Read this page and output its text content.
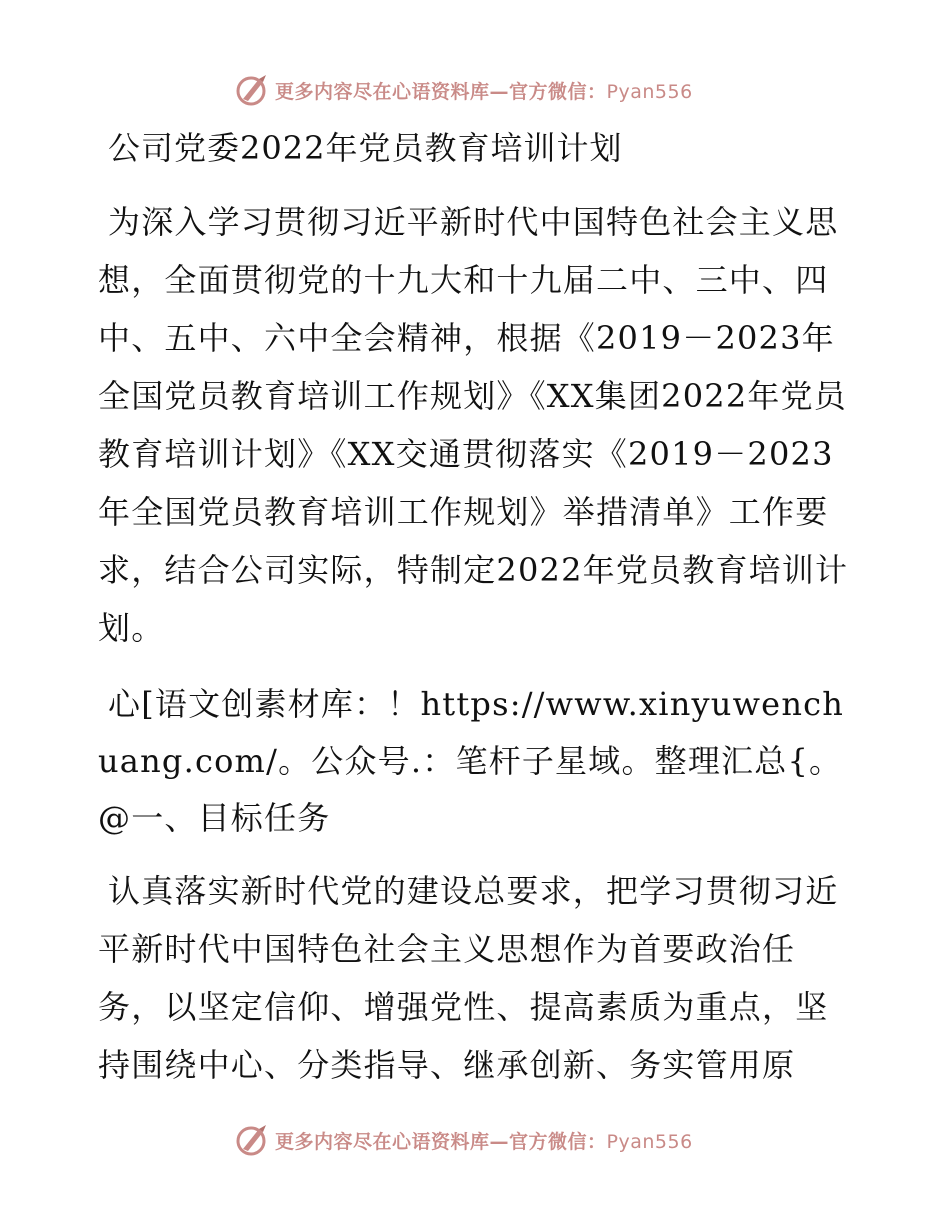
更多内容尽在心语资料库—官方微信：Pyan556
公司党委2022年党员教育培训计划
为深入学习贯彻习近平新时代中国特色社会主义思想，全面贯彻党的十九大和十九届二中、三中、四中、五中、六中全会精神，根据《2019－2023年全国党员教育培训工作规划》《XX集团2022年党员教育培训计划》《XX交通贯彻落实《2019－2023年全国党员教育培训工作规划》举措清单》工作要求，结合公司实际，特制定2022年党员教育培训计划。
心[语文创素材库：！https://www.xinyuwenchuang.com/。公众号.：笔杆子星域。整理汇总{。@一、目标任务
认真落实新时代党的建设总要求，把学习贯彻习近平新时代中国特色社会主义思想作为首要政治任务，以坚定信仰、增强党性、提高素质为重点，坚持围绕中心、分类指导、继承创新、务实管用原
更多内容尽在心语资料库—官方微信：Pyan556
